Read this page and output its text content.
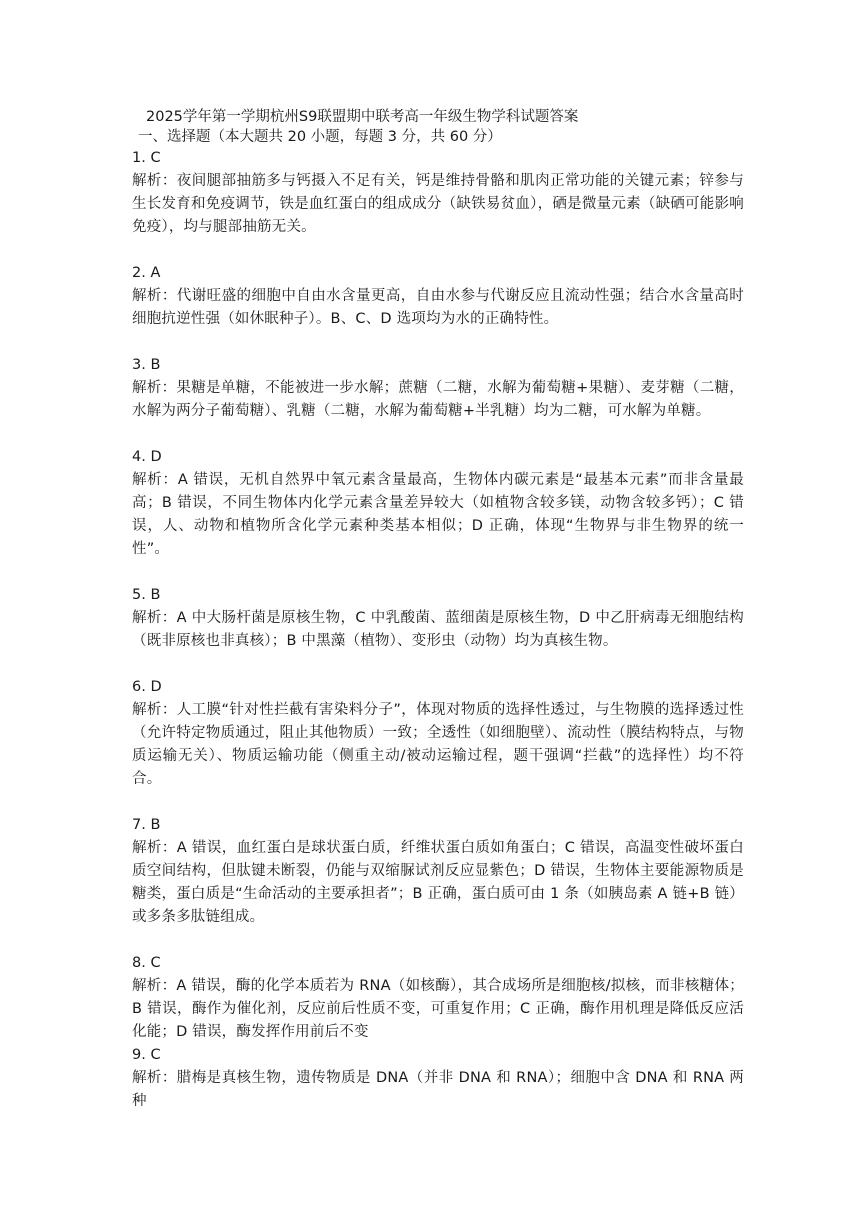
2025学年第一学期杭州S9联盟期中联考高一年级生物学科试题答案
一、选择题（本大题共 20 小题，每题 3 分，共 60 分）
1. C
解析：夜间腿部抽筋多与钙摄入不足有关，钙是维持骨骼和肌肉正常功能的关键元素；锌参与生长发育和免疫调节，铁是血红蛋白的组成成分（缺铁易贫血），硒是微量元素（缺硒可能影响免疫），均与腿部抽筋无关。
2. A
解析：代谢旺盛的细胞中自由水含量更高，自由水参与代谢反应且流动性强；结合水含量高时细胞抗逆性强（如休眠种子）。B、C、D 选项均为水的正确特性。
3. B
解析：果糖是单糖，不能被进一步水解；蔗糖（二糖，水解为葡萄糖+果糖）、麦芽糖（二糖，水解为两分子葡萄糖）、乳糖（二糖，水解为葡萄糖+半乳糖）均为二糖，可水解为单糖。
4. D
解析：A 错误，无机自然界中氧元素含量最高，生物体内碳元素是“最基本元素”而非含量最高；B 错误，不同生物体内化学元素含量差异较大（如植物含较多镁，动物含较多钙）；C 错误，人、动物和植物所含化学元素种类基本相似；D 正确，体现“生物界与非生物界的统一性”。
5. B
解析：A 中大肠杆菌是原核生物，C 中乳酸菌、蓝细菌是原核生物，D 中乙肝病毒无细胞结构（既非原核也非真核）；B 中黑藻（植物）、变形虫（动物）均为真核生物。
6. D
解析：人工膜“针对性拦截有害染料分子”，体现对物质的选择性透过，与生物膜的选择透过性（允许特定物质通过，阻止其他物质）一致；全透性（如细胞壁）、流动性（膜结构特点，与物质运输无关）、物质运输功能（侧重主动/被动运输过程，题干强调“拦截”的选择性）均不符合。
7. B
解析：A 错误，血红蛋白是球状蛋白质，纤维状蛋白质如角蛋白；C 错误，高温变性破坏蛋白质空间结构，但肽键未断裂，仍能与双缩脲试剂反应显紫色；D 错误，生物体主要能源物质是糖类，蛋白质是“生命活动的主要承担者”；B 正确，蛋白质可由 1 条（如胰岛素 A 链+B 链）或多条多肽链组成。
8. C
解析：A 错误，酶的化学本质若为 RNA（如核酶），其合成场所是细胞核/拟核，而非核糖体；B 错误，酶作为催化剂，反应前后性质不变，可重复作用；C 正确，酶作用机理是降低反应活化能；D 错误，酶发挥作用前后不变
9. C
解析：腊梅是真核生物，遗传物质是 DNA（并非 DNA 和 RNA）；细胞中含 DNA 和 RNA 两种
